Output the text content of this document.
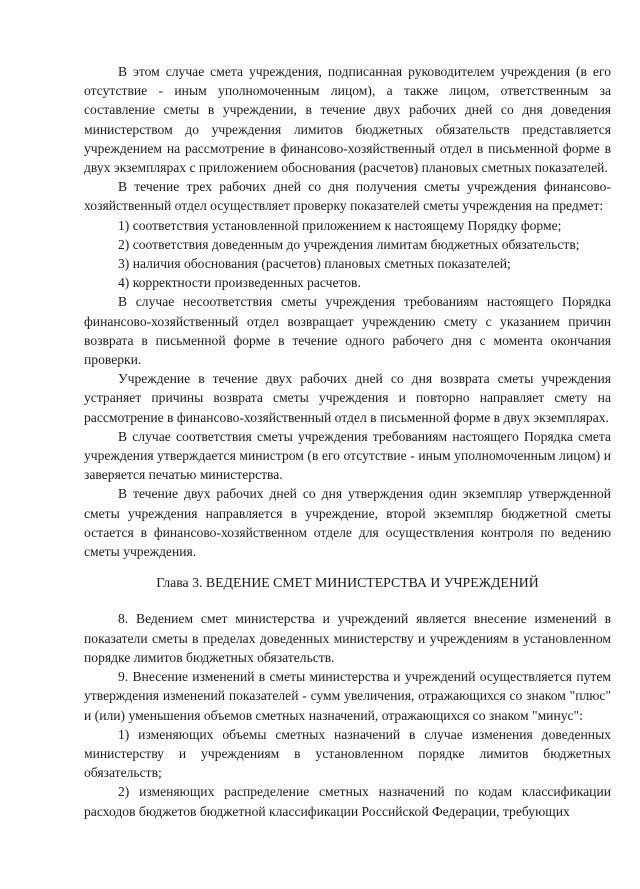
В этом случае смета учреждения, подписанная руководителем учреждения (в его отсутствие - иным уполномоченным лицом), а также лицом, ответственным за составление сметы в учреждении, в течение двух рабочих дней со дня доведения министерством до учреждения лимитов бюджетных обязательств представляется учреждением на рассмотрение в финансово-хозяйственный отдел в письменной форме в двух экземплярах с приложением обоснования (расчетов) плановых сметных показателей.

В течение трех рабочих дней со дня получения сметы учреждения финансово-хозяйственный отдел осуществляет проверку показателей сметы учреждения на предмет:

1) соответствия установленной приложением к настоящему Порядку форме;

2) соответствия доведенным до учреждения лимитам бюджетных обязательств;

3) наличия обоснования (расчетов) плановых сметных показателей;

4) корректности произведенных расчетов.

В случае несоответствия сметы учреждения требованиям настоящего Порядка финансово-хозяйственный отдел возвращает учреждению смету с указанием причин возврата в письменной форме в течение одного рабочего дня с момента окончания проверки.

Учреждение в течение двух рабочих дней со дня возврата сметы учреждения устраняет причины возврата сметы учреждения и повторно направляет смету на рассмотрение в финансово-хозяйственный отдел в письменной форме в двух экземплярах.

В случае соответствия сметы учреждения требованиям настоящего Порядка смета учреждения утверждается министром (в его отсутствие - иным уполномоченным лицом) и заверяется печатью министерства.

В течение двух рабочих дней со дня утверждения один экземпляр утвержденной сметы учреждения направляется в учреждение, второй экземпляр бюджетной сметы остается в финансово-хозяйственном отделе для осуществления контроля по ведению сметы учреждения.

Глава 3. ВЕДЕНИЕ СМЕТ МИНИСТЕРСТВА И УЧРЕЖДЕНИЙ

8. Ведением смет министерства и учреждений является внесение изменений в показатели сметы в пределах доведенных министерству и учреждениям в установленном порядке лимитов бюджетных обязательств.

9. Внесение изменений в сметы министерства и учреждений осуществляется путем утверждения изменений показателей - сумм увеличения, отражающихся со знаком "плюс" и (или) уменьшения объемов сметных назначений, отражающихся со знаком "минус":

1) изменяющих объемы сметных назначений в случае изменения доведенных министерству и учреждениям в установленном порядке лимитов бюджетных обязательств;

2) изменяющих распределение сметных назначений по кодам классификации расходов бюджетов бюджетной классификации Российской Федерации, требующих
